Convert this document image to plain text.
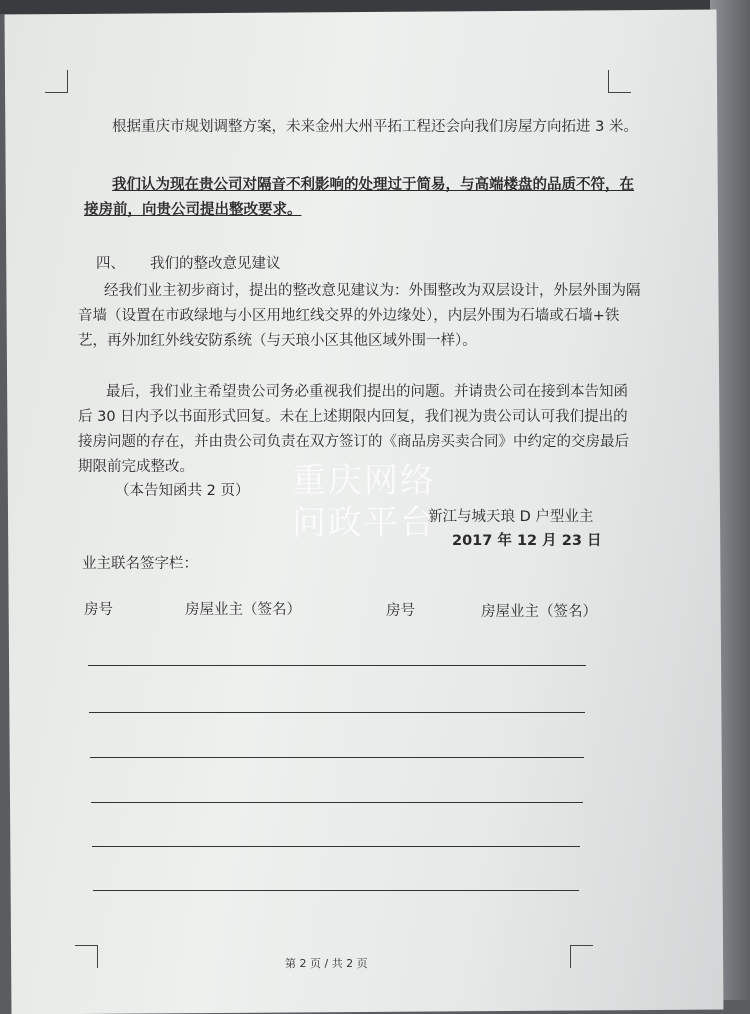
根据重庆市规划调整方案，未来金州大州平拓工程还会向我们房屋方向拓进 3 米。
我们认为现在贵公司对隔音不利影响的处理过于简易，与高端楼盘的品质不符，在接房前，向贵公司提出整改要求。
四、 我们的整改意见建议
经我们业主初步商讨，提出的整改意见建议为：外围整改为双层设计，外层外围为隔音墙（设置在市政绿地与小区用地红线交界的外边缘处），内层外围为石墙或石墙+铁艺，再外加红外线安防系统（与天琅小区其他区域外围一样）。
最后，我们业主希望贵公司务必重视我们提出的问题。并请贵公司在接到本告知函后 30 日内予以书面形式回复。未在上述期限内回复，我们视为贵公司认可我们提出的接房问题的存在，并由贵公司负责在双方签订的《商品房买卖合同》中约定的交房最后期限前完成整改。
（本告知函共 2 页）
新江与城天琅 D 户型业主
2017 年 12 月 23 日
业主联名签字栏：
房号	房屋业主（签名）	房号	房屋业主（签名）
重庆网络
问政平台
第 2 页 / 共 2 页
